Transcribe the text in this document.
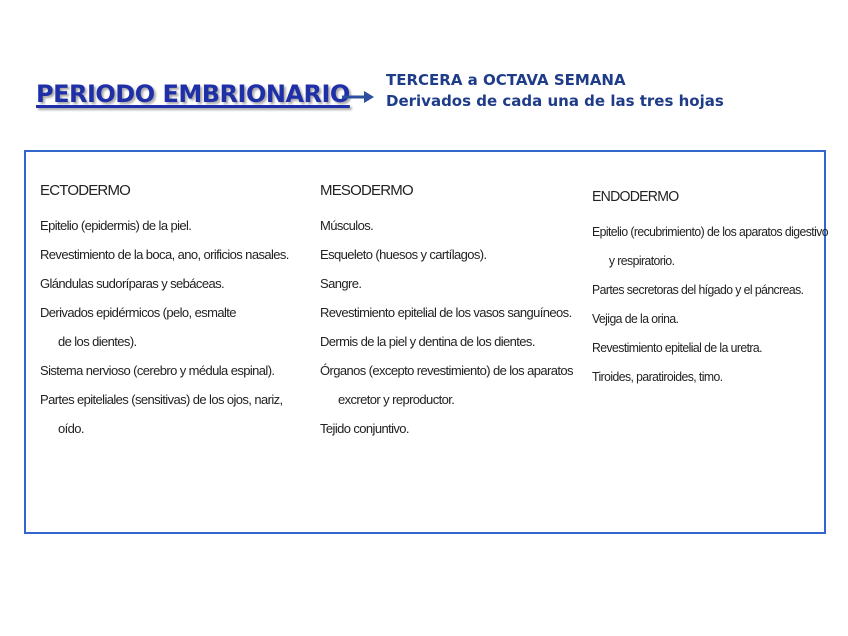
PERIODO EMBRIONARIO TERCERA a OCTAVA SEMANA
Derivados de cada una de las tres hojas
ECTODERMO
Epitelio (epidermis) de la piel.
Revestimiento de la boca, ano, orificios nasales.
Glándulas sudoríparas y sebáceas.
Derivados epidérmicos (pelo, esmalte
de los dientes).
Sistema nervioso (cerebro y médula espinal).
Partes epiteliales (sensitivas) de los ojos, nariz,
oído.
MESODERMO
Músculos.
Esqueleto (huesos y cartílagos).
Sangre.
Revestimiento epitelial de los vasos sanguíneos.
Dermis de la piel y dentina de los dientes.
Órganos (excepto revestimiento) de los aparatos
excretor y reproductor.
Tejido conjuntivo.
ENDODERMO
Epitelio (recubrimiento) de los aparatos digestivo
y respiratorio.
Partes secretoras del hígado y el páncreas.
Vejiga de la orina.
Revestimiento epitelial de la uretra.
Tiroides, paratiroides, timo.
